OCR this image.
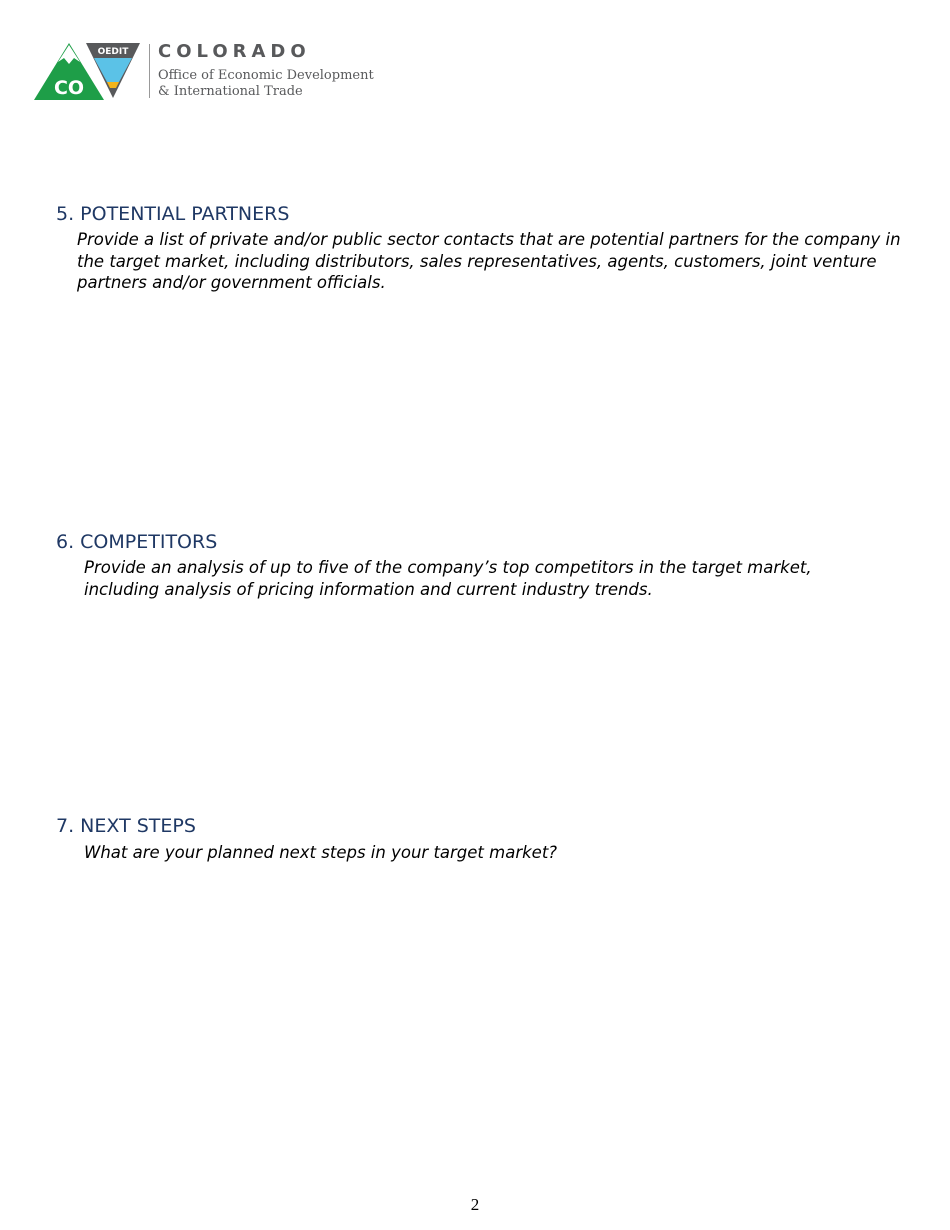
CO
OEDIT COLORADO
Office of Economic Development
& International Trade
5. POTENTIAL PARTNERS

Provide a list of private and/or public sector contacts that are potential partners for the company in the target market, including distributors, sales representatives, agents, customers, joint venture partners and/or government officials.

6. COMPETITORS

Provide an analysis of up to five of the company’s top competitors in the target market, including analysis of pricing information and current industry trends.

7. NEXT STEPS

What are your planned next steps in your target market?

2
